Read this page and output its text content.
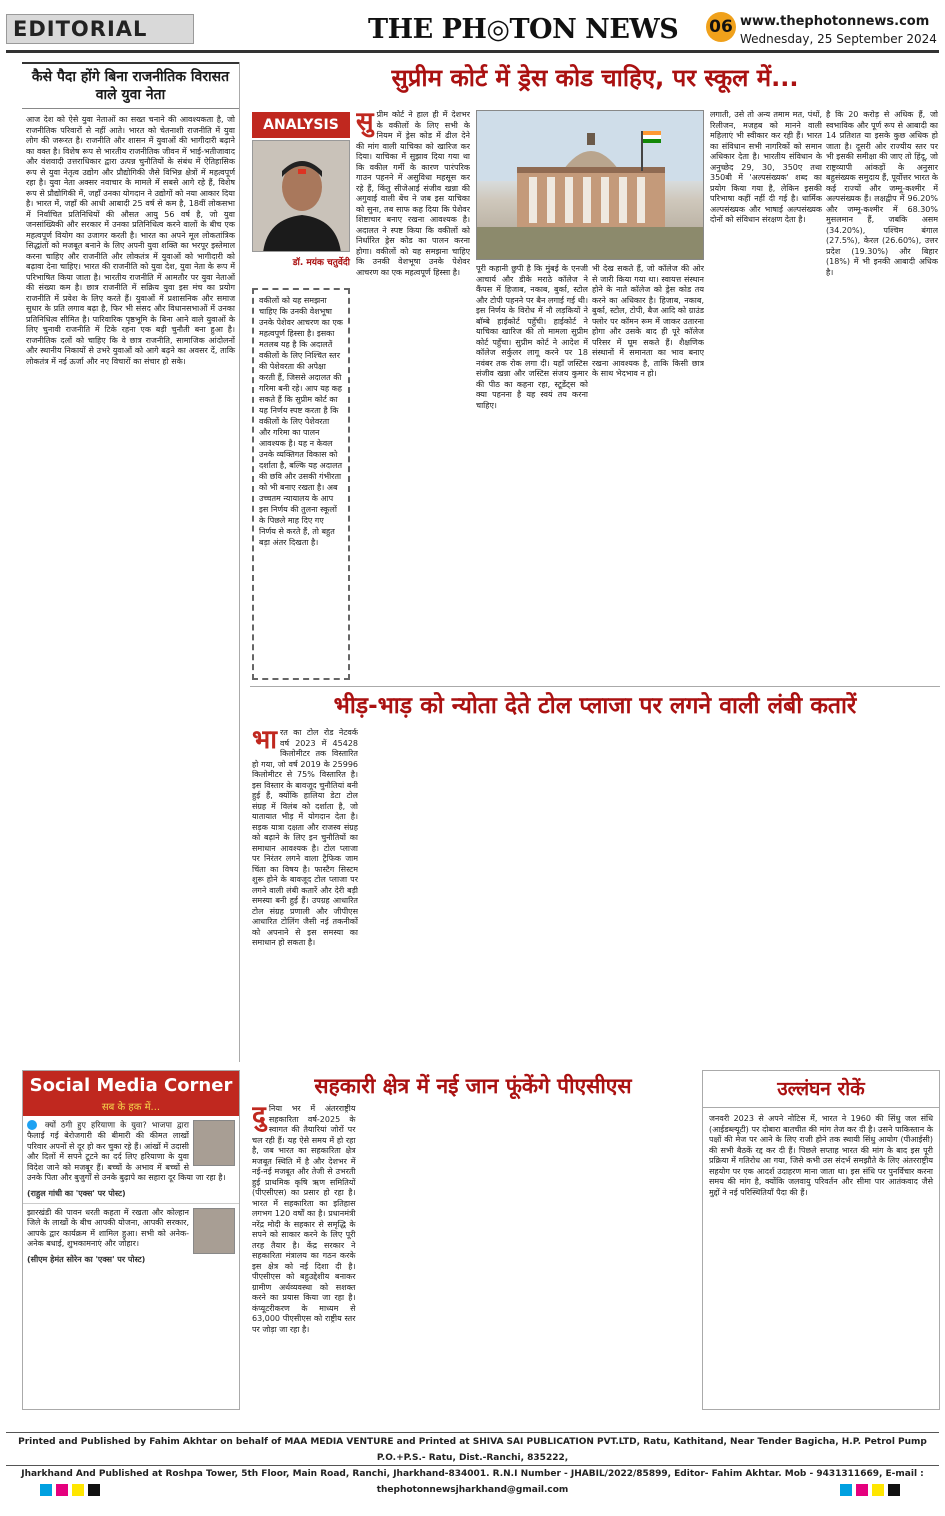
EDITORIAL	THE PH◎TON NEWS 06 www.thephotonnews.com
Wednesday, 25 September 2024
कैसे पैदा होंगे बिना राजनीतिक विरासत वाले युवा नेता
आज देश को ऐसे युवा नेताओं का सख्त चनाने की आवश्यकता है, जो राजनीतिक परिवारों से नहीं आते। भारत को चेतनाशी राजनीति में युवा लोग की जरूरत है। राजनीति और शासन में युवाओं की भागीदारी बढ़ाने का वक्त है। विशेष रूप से भारतीय राजनीतिक जीवन में भाई-भतीजावाद और वंशवादी उत्तराधिकार द्वारा उत्पन्न चुनौतियों के संबंध में ऐतिहासिक रूप से युवा नेतृत्व उद्योग और प्रौद्योगिकी जैसे विभिन्न क्षेत्रों में महत्वपूर्ण रहा है। युवा नेता अक्सर नवाचार के मामले में सबसे आगे रहे हैं, विशेष रूप से प्रौद्योगिकी में, जहाँ उनका योगदान ने उद्योगों को नया आकार दिया है। भारत में, जहाँ की आधी आबादी 25 वर्ष से कम है, 18वीं लोकसभा में निर्वाचित प्रतिनिधियों की औसत आयु 56 वर्ष है, जो युवा जनसांख्यिकी और सरकार में उनका प्रतिनिधित्व करने वालों के बीच एक महत्वपूर्ण वियोग का उजागर करती है। भारत का अपने मूल लोकतांत्रिक सिद्धांतों को मजबूत बनाने के लिए अपनी युवा शक्ति का भरपूर इस्तेमाल करना चाहिए और राजनीति और लोकतंत्र में युवाओं को भागीदारी को बढ़ावा देना चाहिए। भारत की राजनीति को युवा देश, युवा नेता के रूप में परिभाषित किया जाता है। भारतीय राजनीति में आमतौर पर युवा नेताओं की संख्या कम है। छात्र राजनीति में सक्रिय युवा इस मंच का प्रयोग राजनीति में प्रवेश के लिए करते हैं। युवाओं में प्रशासनिक और समाज सुधार के प्रति लगाव बढ़ा है, फिर भी संसद और विधानसभाओं में उनका प्रतिनिधित्व सीमित है। पारिवारिक पृष्ठभूमि के बिना आने वाले युवाओं के लिए चुनावी राजनीति में टिके रहना एक बड़ी चुनौती बना हुआ है। राजनीतिक दलों को चाहिए कि वे छात्र राजनीति, सामाजिक आंदोलनों और स्थानीय निकायों से उभरे युवाओं को आगे बढ़ने का अवसर दें, ताकि लोकतंत्र में नई ऊर्जा और नए विचारों का संचार हो सके।
सुप्रीम कोर्ट में ड्रेस कोड चाहिए, पर स्कूल में...
ANALYSIS
डॉ. मयंक चतुर्वेदी
वकीलों को यह समझना चाहिए कि उनकी वेशभूषा उनके पेशेवर आचरण का एक महत्वपूर्ण हिस्सा है। इसका मतलब यह है कि अदालतें वकीलों के लिए निश्चित स्तर की पेशेवरता की अपेक्षा करती हैं, जिससे अदालत की गरिमा बनी रहे। आप यह कह सकते हैं कि सुप्रीम कोर्ट का यह निर्णय स्पष्ट करता है कि वकीलों के लिए पेशेवरता और गरिमा का पालन आवश्यक है। यह न केवल उनके व्यक्तिगत विकास को दर्शाता है, बल्कि यह अदालत की छवि और उसकी गंभीरता को भी बनाए रखता है। अब उच्चतम न्यायालय के आप इस निर्णय की तुलना स्कूलों के पिछले माह दिए गए निर्णय से करते हैं, तो बहुत बड़ा अंतर दिखता है।
सुप्रीम कोर्ट ने हाल ही में देशभर के वकीलों के लिए सभी के नियम में ड्रेस कोड में ढील देने की मांग वाली याचिका को खारिज कर दिया। याचिका में सुझाव दिया गया था कि वकील गर्मी के कारण पारंपरिक गाउन पहनने में असुविधा महसूस कर रहे हैं, किंतु सीजेआई संजीव खन्ना की अगुवाई वाली बेंच ने जब इस याचिका को सुना, तब साफ कह दिया कि पेशेवर शिष्टाचार बनाए रखना आवश्यक है। अदालत ने स्पष्ट किया कि वकीलों को निर्धारित ड्रेस कोड का पालन करना होगा। वकीलों को यह समझना चाहिए कि उनकी वेशभूषा उनके पेशेवर आचरण का एक महत्वपूर्ण हिस्सा है।	पूरी कहानी छुपी है कि मुंबई के एनजी आचार्य और डीके मराठे कॉलेज ने कैंपस में हिजाब, नकाब, बुर्का, स्टोल और टोपी पहनने पर बैन लगाई गई थी। इस निर्णय के विरोध में नौ लड़कियों ने बॉम्बे हाईकोर्ट पहुँची। हाईकोर्ट ने याचिका खारिज की तो मामला सुप्रीम कोर्ट पहुँचा। सुप्रीम कोर्ट ने आदेश में कॉलेज सर्कुलर लागू करने पर 18 नवंबर तक रोक लगा दी। यहाँ जस्टिस संजीव खन्ना और जस्टिस संजय कुमार की पीठ का कहना रहा, स्टूडेंट्स को क्या पहनना है यह स्वयं तय करना चाहिए।
भी देख सकते हैं, जो कॉलेज की ओर से जारी किया गया था। स्वायत्त संस्थान होने के नाते कॉलेज को ड्रेस कोड तय करने का अधिकार है। हिजाब, नकाब, बुर्का, स्टोल, टोपी, बैज आदि को ग्राउंड फ्लोर पर कॉमन रूम में जाकर उतारना होगा और उसके बाद ही पूरे कॉलेज परिसर में घूम सकते हैं। शैक्षणिक संस्थानों में समानता का भाव बनाए रखना आवश्यक है, ताकि किसी छात्र के साथ भेदभाव न हो।
लगाती, उसे तो अन्य तमाम मत, पंथों, रिलीजन, मजहब को मानने वाली महिलाएं भी स्वीकार कर रही हैं। भारत का संविधान सभी नागरिकों को समान अधिकार देता है। भारतीय संविधान के अनुच्छेद 29, 30, 350ए तथा 350बी में 'अल्पसंख्यक' शब्द का प्रयोग किया गया है, लेकिन इसकी परिभाषा कहीं नहीं दी गई है। धार्मिक अल्पसंख्यक और भाषाई अल्पसंख्यक दोनों को संविधान संरक्षण देता है।
है कि 20 करोड़ से अधिक हैं, जो स्वभाविक और पूर्ण रूप से आबादी का 14 प्रतिशत या इसके कुछ अधिक हो जाता है। दूसरी ओर राज्यीय स्तर पर भी इसकी समीक्षा की जाए तो हिंदू, जो राष्ट्रव्यापी आंकड़ों के अनुसार बहुसंख्यक समुदाय हैं, पूर्वोत्तर भारत के कई राज्यों और जम्मू-कश्मीर में अल्पसंख्यक हैं। लक्षद्वीप में 96.20% और जम्मू-कश्मीर में 68.30% मुसलमान हैं, जबकि असम (34.20%), पश्चिम बंगाल (27.5%), केरल (26.60%), उत्तर प्रदेश (19.30%) और बिहार (18%) में भी इनकी आबादी अधिक है।
भीड़-भाड़ को न्योता देते टोल प्लाजा पर लगने वाली लंबी कतारें
भारत का टोल रोड नेटवर्क वर्ष 2023 में 45428 किलोमीटर तक विस्तारित हो गया, जो वर्ष 2019 के 25996 किलोमीटर से 75% विस्तारित है। इस विस्तार के बावजूद चुनौतियां बनी हुई हैं, क्योंकि हालिया डेटा टोल संग्रह में विलंब को दर्शाता है, जो यातायात भीड़ में योगदान देता है। सड़क यात्रा दक्षता और राजस्व संग्रह को बढ़ाने के लिए इन चुनौतियों का समाधान आवश्यक है। टोल प्लाजा पर निरंतर लगने वाला ट्रैफिक जाम चिंता का विषय है। फास्टैग सिस्टम शुरू होने के बावजूद टोल प्लाजा पर लगने वाली लंबी कतारें और देरी बड़ी समस्या बनी हुई हैं। उपग्रह आधारित टोल संग्रह प्रणाली और जीपीएस आधारित टोलिंग जैसी नई तकनीकों को अपनाने से इस समस्या का समाधान हो सकता है।
Social Media Corner
सब के हक में...
क्यों ठगी हुए हरियाणा के युवा? भाजपा द्वारा फैलाई गई बेरोजगारी की बीमारी की कीमत लाखों परिवार अपनों से दूर हो कर चुका रहे हैं। आंखों में उदासी और दिलों में सपने टूटने का दर्द लिए हरियाणा के युवा विदेश जाने को मजबूर हैं। बच्चों के अभाव में बच्चों से उनके पिता और बुजुर्गों से उनके बुढ़ापे का सहारा दूर किया जा रहा है।
(राहुल गांधी का 'एक्स' पर पोस्ट)
झारखंडी की पावन धरती कहता में रखता और कोल्हान जिले के लाखों के बीच आपकी योजना, आपकी सरकार, आपके द्वार कार्यक्रम में शामिल हुआ। सभी को अनेक-अनेक बधाई, शुभकामनाएं और जोहार।
(सीएम हेमंत सोरेन का 'एक्स' पर पोस्ट)
सहकारी क्षेत्र में नई जान फूंकेंगे पीएसीएस
दुनिया भर में अंतरराष्ट्रीय सहकारिता वर्ष-2025 के स्वागत की तैयारियां जोरों पर चल रही हैं। यह ऐसे समय में हो रहा है, जब भारत का सहकारिता क्षेत्र मजबूत स्थिति में है और देशभर में नई-नई मजबूत और तेजी से उभरती हुई प्राथमिक कृषि ऋण समितियों (पीएसीएस) का प्रसार हो रहा है। भारत में सहकारिता का इतिहास लगभग 120 वर्षों का है। प्रधानमंत्री नरेंद्र मोदी के सहकार से समृद्धि के सपने को साकार करने के लिए पूरी तरह तैयार है। केंद्र सरकार ने सहकारिता मंत्रालय का गठन करके इस क्षेत्र को नई दिशा दी है। पीएसीएस को बहुउद्देशीय बनाकर ग्रामीण अर्थव्यवस्था को सशक्त करने का प्रयास किया जा रहा है। कंप्यूटरीकरण के माध्यम से 63,000 पीएसीएस को राष्ट्रीय स्तर पर जोड़ा जा रहा है।
उल्लंघन रोकें
जनवरी 2023 से अपने नोटिस में, भारत ने 1960 की सिंधु जल संधि (आईडब्ल्यूटी) पर दोबारा बातचीत की मांग तेज कर दी है। उसने पाकिस्तान के पक्षों की मेज पर आने के लिए राजी होने तक स्थायी सिंधु आयोग (पीआईसी) की सभी बैठकें रद्द कर दी हैं। पिछले सप्ताह भारत की मांग के बाद इस पूरी प्रक्रिया में गतिरोध आ गया, जिसे कभी उस संदर्भ समझौते के लिए अंतरराष्ट्रीय सहयोग पर एक आदर्श उदाहरण माना जाता था। इस संधि पर पुनर्विचार करना समय की मांग है, क्योंकि जलवायु परिवर्तन और सीमा पार आतंकवाद जैसे मुद्दों ने नई परिस्थितियाँ पैदा की हैं।
Printed and Published by Fahim Akhtar on behalf of MAA MEDIA VENTURE and Printed at SHIVA SAI PUBLICATION PVT.LTD, Ratu, Kathitand, Near Tender Bagicha, H.P. Petrol Pump P.O.+P.S.- Ratu, Dist.-Ranchi, 835222,
Jharkhand And Published at Roshpa Tower, 5th Floor, Main Road, Ranchi, Jharkhand-834001. R.N.I Number - JHABIL/2022/85899, Editor- Fahim Akhtar. Mob - 9431311669, E-mail : thephotonnewsjharkhand@gmail.com
